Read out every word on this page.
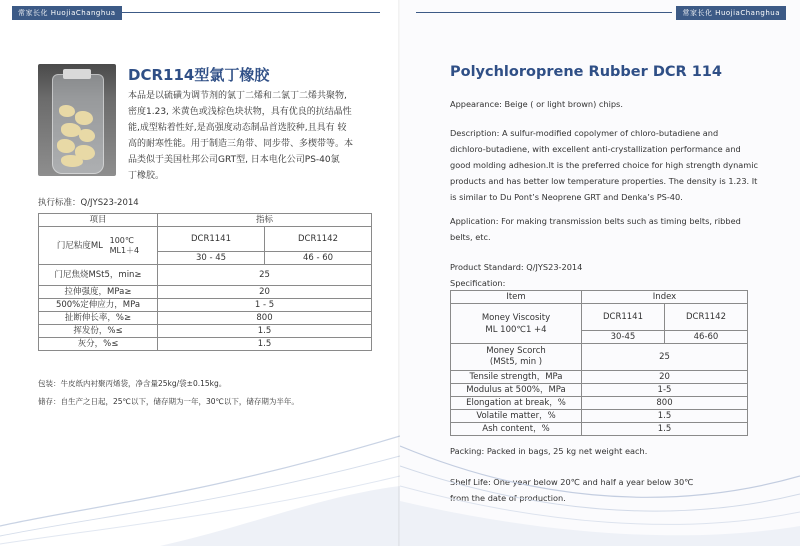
常家长化 HuojiaChanghua
DCR114型氯丁橡胶
本品是以硫磺为调节剂的氯丁二烯和二氯丁二烯共聚物,
密度1.23, 米黄色或浅棕色块状物，具有优良的抗结晶性
能,成型粘着性好,是高强度动态制品首选胶种,且具有 较
高的耐寒性能。用于制造三角带、同步带、多楔带等。本
品类似于美国杜邦公司GRT型, 日本电化公司PS-40氯
丁橡胶。
执行标准：Q/JYS23-2014
项目	指标	
门尼粘度ML 100℃
ML1＋4	DCR1141	DCR1142
	30 - 45	46 - 60
门尼焦烧MSt5，min≥	25	
拉伸强度，MPa≥	20	
500%定伸应力，MPa	1 - 5	
扯断伸长率，%≥	800	
挥发份，%≤	1.5	
灰分，%≤	1.5	
包装：牛皮纸内衬聚丙烯袋，净含量25kg/袋±0.15kg。
储存：自生产之日起，25℃以下，储存期为一年，30℃以下，储存期为半年。
常家长化 HuojiaChanghua
Polychloroprene Rubber DCR 114
Appearance: Beige ( or light brown) chips.
Description: A sulfur-modified copolymer of chloro-butadiene and
dichloro-butadiene, with excellent anti-crystallization performance and
good molding adhesion.It is the preferred choice for high strength dynamic
products and has better low temperature properties. The density is 1.23. It
is similar to Du Pont’s Neoprene GRT and Denka’s PS-40.
Application: For making transmission belts such as timing belts, ribbed
belts, etc.
Product Standard: Q/JYS23-2014
Specification:
Item	Index	

Money Viscosity
ML 100℃1 +4	DCR1141	DCR1142
	30-45	46-60

Money Scorch
(MSt5, min )	25	
Tensile strength，MPa	20	
Modulus at 500%，MPa	1-5	
Elongation at break，%	800	
Volatile matter，%	1.5	
Ash content，%	1.5	
Packing: Packed in bags, 25 kg net weight each.
Shelf Life: One year below 20℃ and half a year below 30℃
from the date of production.
